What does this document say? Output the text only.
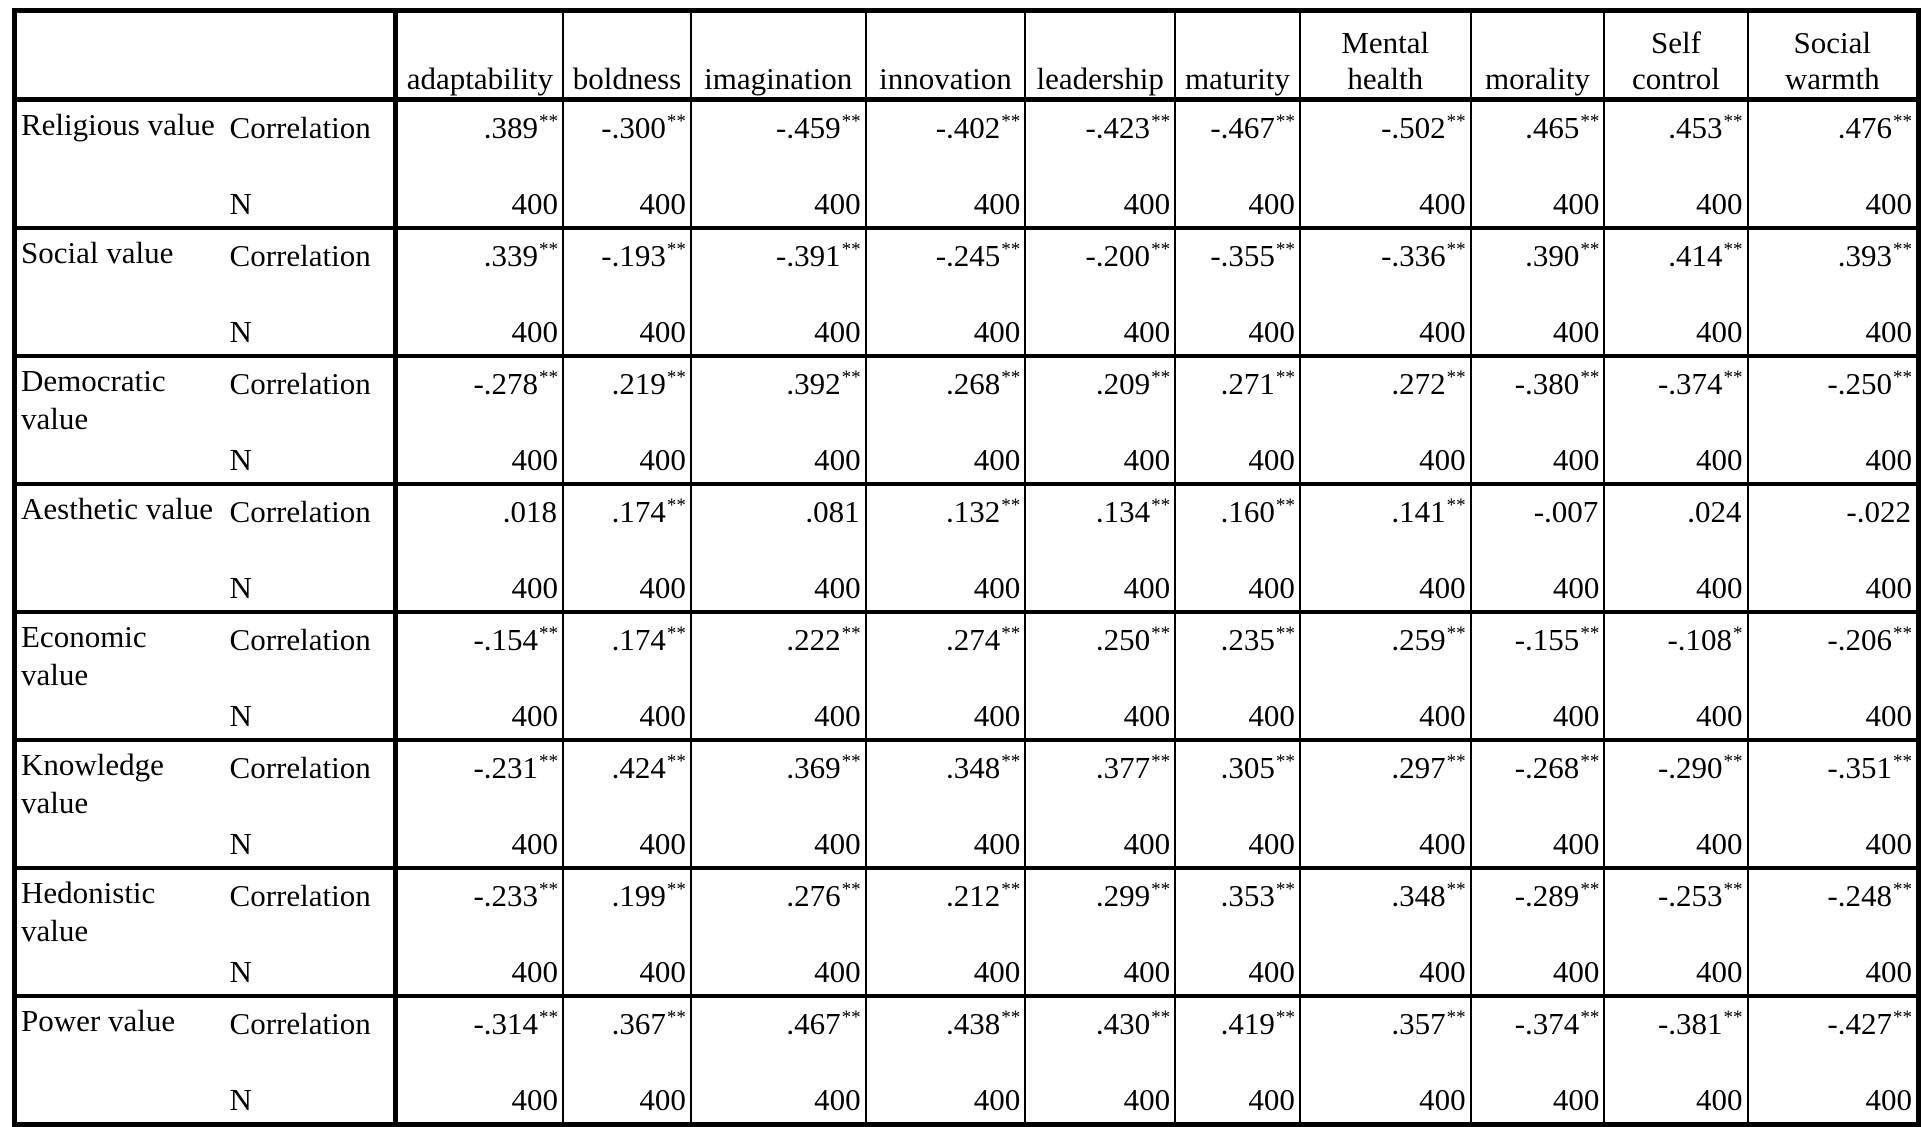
		adaptability	boldness	imagination	innovation	leadership	maturity	Mental health	morality	Self control	Social warmth
Religious value	Correlation	.389**	-.300**	-.459**	-.402**	-.423**	-.467**	-.502**	.465**	.453**	.476**
	N	400	400	400	400	400	400	400	400	400	400
Social value	Correlation	.339**	-.193**	-.391**	-.245**	-.200**	-.355**	-.336**	.390**	.414**	.393**
	N	400	400	400	400	400	400	400	400	400	400
Democratic value	Correlation	-.278**	.219**	.392**	.268**	.209**	.271**	.272**	-.380**	-.374**	-.250**
	N	400	400	400	400	400	400	400	400	400	400
Aesthetic value	Correlation	.018	.174**	.081	.132**	.134**	.160**	.141**	-.007	.024	-.022
	N	400	400	400	400	400	400	400	400	400	400
Economic value	Correlation	-.154**	.174**	.222**	.274**	.250**	.235**	.259**	-.155**	-.108*	-.206**
	N	400	400	400	400	400	400	400	400	400	400
Knowledge value	Correlation	-.231**	.424**	.369**	.348**	.377**	.305**	.297**	-.268**	-.290**	-.351**
	N	400	400	400	400	400	400	400	400	400	400
Hedonistic value	Correlation	-.233**	.199**	.276**	.212**	.299**	.353**	.348**	-.289**	-.253**	-.248**
	N	400	400	400	400	400	400	400	400	400	400
Power value	Correlation	-.314**	.367**	.467**	.438**	.430**	.419**	.357**	-.374**	-.381**	-.427**
	N	400	400	400	400	400	400	400	400	400	400
